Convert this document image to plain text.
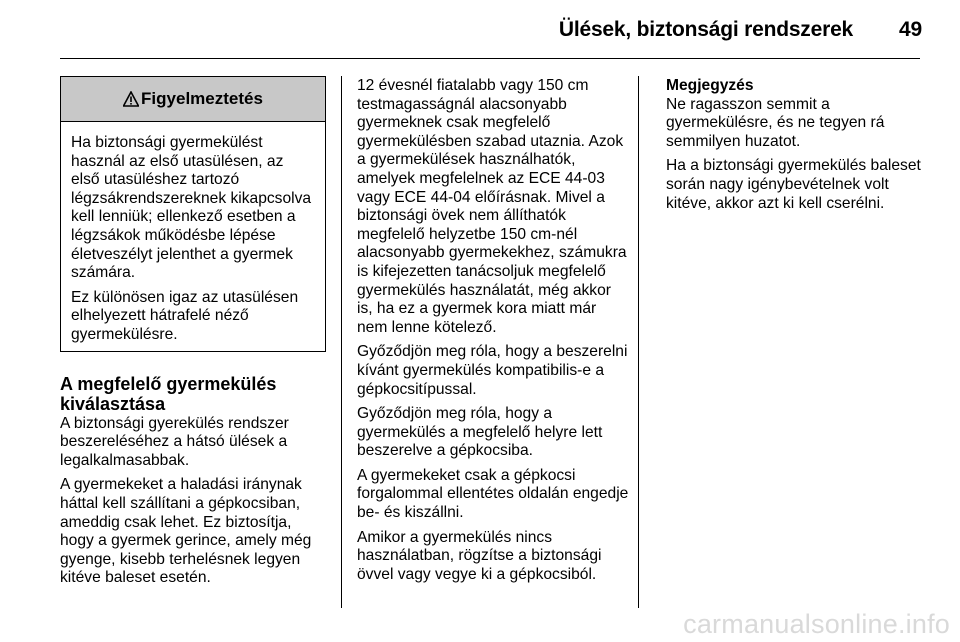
Ülések, biztonsági rendszerek 49
Figyelmeztetés

Ha biztonsági gyermekülést használ az első utasülésen, az első utasüléshez tartozó légzsákrendszereknek kikapcsolva kell lenniük; ellenkező esetben a légzsákok működésbe lépése életveszélyt jelenthet a gyermek számára.

Ez különösen igaz az utasülésen elhelyezett hátrafelé néző gyermekülésre.

A megfelelő gyermekülés kiválasztása

A biztonsági gyerekülés rendszer beszereléséhez a hátsó ülések a legalkalmasabbak.

A gyermekeket a haladási iránynak háttal kell szállítani a gépkocsiban, ameddig csak lehet. Ez biztosítja, hogy a gyermek gerince, amely még gyenge, kisebb terhelésnek legyen kitéve baleset esetén.

12 évesnél fiatalabb vagy 150 cm testmagasságnál alacsonyabb gyermeknek csak megfelelő gyermekülésben szabad utaznia. Azok a gyermekülések használhatók, amelyek megfelelnek az ECE 44-03 vagy ECE 44-04 előírásnak. Mivel a biztonsági övek nem állíthatók megfelelő helyzetbe 150 cm-nél alacsonyabb gyermekekhez, számukra is kifejezetten tanácsoljuk megfelelő gyermekülés használatát, még akkor is, ha ez a gyermek kora miatt már nem lenne kötelező.

Győződjön meg róla, hogy a beszerelni kívánt gyermekülés kompatibilis-e a gépkocsitípussal.

Győződjön meg róla, hogy a gyermekülés a megfelelő helyre lett beszerelve a gépkocsiba.

A gyermekeket csak a gépkocsi forgalommal ellentétes oldalán engedje be- és kiszállni.

Amikor a gyermekülés nincs használatban, rögzítse a biztonsági övvel vagy vegye ki a gépkocsiból.

Megjegyzés

Ne ragasszon semmit a gyermekülésre, és ne tegyen rá semmilyen huzatot.

Ha a biztonsági gyermekülés baleset során nagy igénybevételnek volt kitéve, akkor azt ki kell cserélni.

carmanualsonline.info
